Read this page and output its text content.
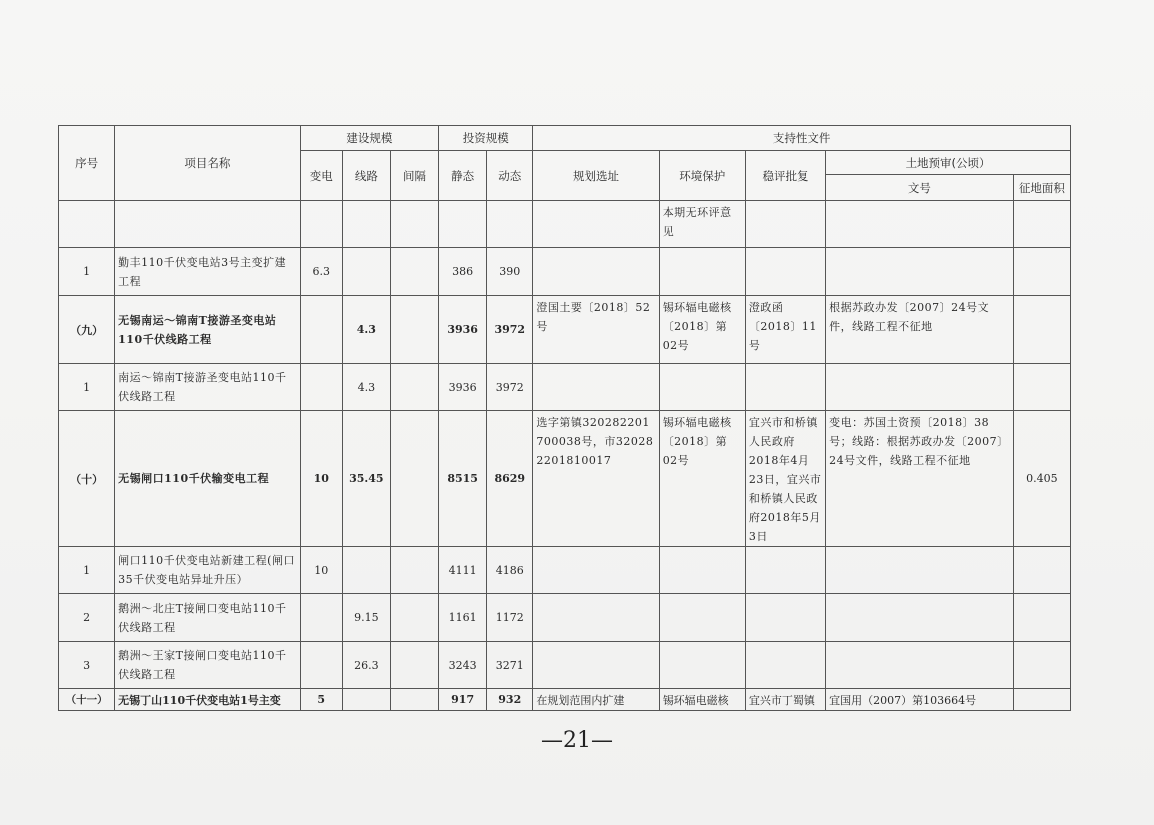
序号	项目名称	建设规模			投资规模		支持性文件				
		变电	线路	间隔	静态	动态	规划选址	环境保护	稳评批复	土地预审(公顷）	
										文号	征地面积
								本期无环评意见			
1	勤丰110千伏变电站3号主变扩建工程	6.3			386	390					
（九）	无锡南运～锦南T接游圣变电站110千伏线路工程		4.3		3936	3972	澄国土要〔2018〕52号	锡环辐电磁核〔2018〕第02号	澄政函〔2018〕11号	根据苏政办发〔2007〕24号文件，线路工程不征地	
1	南运～锦南T接游圣变电站110千伏线路工程		4.3		3936	3972					
（十）	无锡闸口110千伏输变电工程	10	35.45		8515	8629	选字第镇320282201700038号，市320282201810017	锡环辐电磁核〔2018〕第02号	宜兴市和桥镇人民政府2018年4月23日，宜兴市和桥镇人民政府2018年5月3日	变电：苏国土资预〔2018〕38号；线路：根据苏政办发〔2007〕24号文件，线路工程不征地	0.405
1	闸口110千伏变电站新建工程(闸口35千伏变电站异址升压）	10			4111	4186					
2	鹅洲～北庄T接闸口变电站110千伏线路工程		9.15		1161	1172					
3	鹅洲～王家T接闸口变电站110千伏线路工程		26.3		3243	3271					
（十一）	无锡丁山110千伏变电站1号主变	5			917	932	在规划范围内扩建	锡环辐电磁核	宜兴市丁蜀镇	宜国用（2007）第103664号	
—21—
